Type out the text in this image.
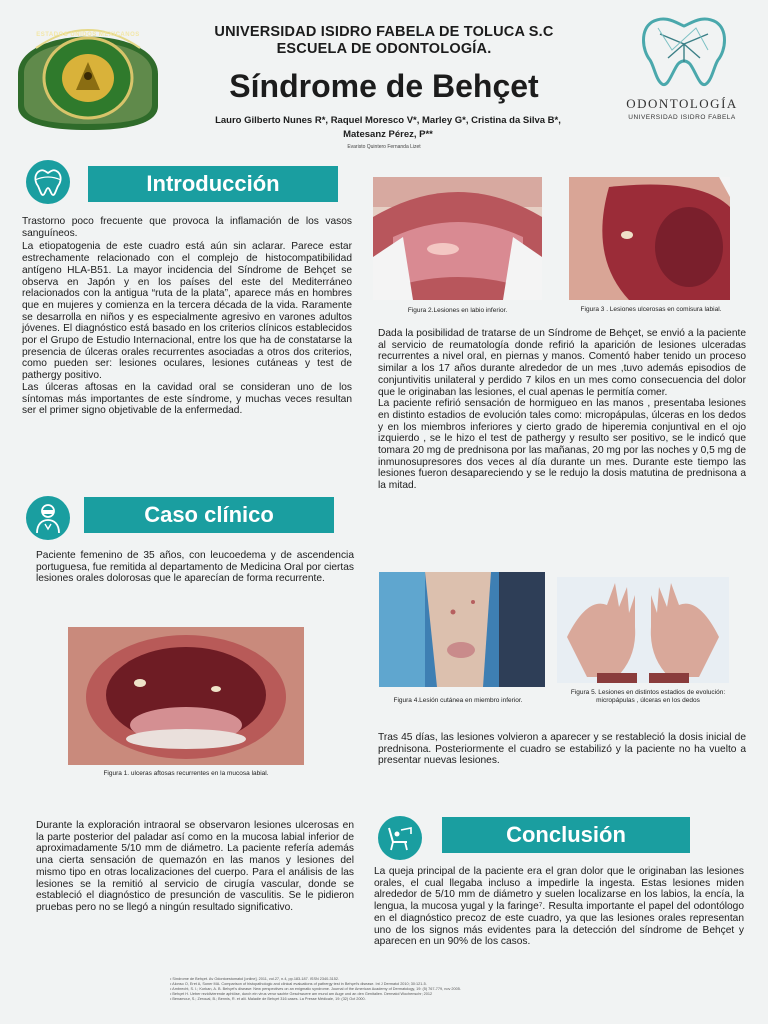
ESTADOS UNIDOS MEXICANOS	UNIVERSIDAD ISIDRO FABELA DE TOLUCA S.C
ESCUELA DE ODONTOLOGÍA.
Síndrome de Behçet
Lauro Gilberto Nunes R*, Raquel Moresco V*, Marley G*, Cristina da Silva B*,
Matesanz Pérez, P**
Evaristo Quintero Fernanda Lizet
ODONTOLOGÍA
UNIVERSIDAD ISIDRO FABELA
Introducción

Trastorno poco frecuente que provoca la inflamación de los vasos sanguíneos.

La etiopatogenia de este cuadro está aún sin aclarar. Parece estar estrechamente relacionado con el complejo de histocompatibilidad antígeno HLA-B51. La mayor incidencia del Síndrome de Behçet se observa en Japón y en los países del este del Mediterráneo relacionados con la antigua “ruta de la plata”, aparece más en hombres que en mujeres y comienza en la tercera década de la vida. Raramente se desarrolla en niños y es especialmente agresivo en varones adultos jóvenes. El diagnóstico está basado en los criterios clínicos establecidos por el Grupo de Estudio Internacional, entre los que ha de constatarse la presencia de úlceras orales recurrentes asociadas a otros dos criterios, como pueden ser: lesiones oculares, lesiones cutáneas y test de pathergy positivo.

Las úlceras aftosas en la cavidad oral se consideran uno de los síntomas más importantes de este síndrome, y muchas veces resultan ser el primer signo objetivable de la enfermedad.

Caso clínico
Paciente femenino de 35 años, con leucoedema y de ascendencia portuguesa, fue remitida al departamento de Medicina Oral por ciertas lesiones orales dolorosas que le aparecían de forma recurrente.
Figura 1. ulceras aftosas recurrentes en la mucosa labial.
Durante la exploración intraoral se observaron lesiones ulcerosas en la parte posterior del paladar así como en la mucosa labial inferior de aproximadamente 5/10 mm de diámetro. La paciente refería además una cierta sensación de quemazón en las manos y lesiones del mismo tipo en otras localizaciones del cuerpo. Para el análisis de las lesiones se la remitió al servicio de cirugía vascular, donde se estableció el diagnóstico de presunción de vasculitis. Se le pidieron pruebas pero no se llegó a ningún resultado significativo.
Figura 2.Lesiones en labio inferior.	Figura 3 . Lesiones ulcerosas en comisura labial.

Dada la posibilidad de tratarse de un Síndrome de Behçet, se envió a la paciente al servicio de reumatología donde refirió la aparición de lesiones ulceradas recurrentes a nivel oral, en piernas y manos. Comentó haber tenido un proceso similar a los 17 años durante alrededor de un mes ,tuvo además episodios de conjuntivitis unilateral y perdido 7 kilos en un mes como consecuencia del dolor que le originaban las lesiones, el cual apenas le permitía comer.

La paciente refirió sensación de hormigueo en las manos , presentaba lesiones en distinto estadios de evolución tales como: micropápulas, úlceras en los dedos y en los miembros inferiores y cierto grado de hiperemia conjuntival en el ojo izquierdo , se le hizo el test de pathergy y resulto ser positivo, se le indicó que tomara 20 mg de prednisona por las mañanas, 20 mg por las noches y 0,5 mg de inmunosupresores dos veces al día durante un mes. Durante este tiempo las lesiones fueron desapareciendo y se le redujo la dosis matutina de prednisona a la mitad.

Figura 4.Lesión cutánea en miembro inferior.
Figura 5. Lesiones en distintos estadios de evolución: micropápulas , úlceras en los dedos
Tras 45 días, las lesiones volvieron a aparecer y se restableció la dosis inicial de prednisona. Posteriormente el cuadro se estabilizó y la paciente no ha vuelto a presentar nuevas lesiones.
Conclusión
La queja principal de la paciente era el gran dolor que le originaban las lesiones orales, el cual llegaba incluso a impedirle la ingesta. Estas lesiones miden alrededor de 5/10 mm de diámetro y suelen localizarse en los labios, la encía, la lengua, la mucosa yugal y la faringe⁷. Resulta importante el papel del odontólogo en el diagnóstico precoz de este cuadro, ya que las lesiones orales representan uno de los signos más evidentes para la detección del síndrome de Behçet y aparecen en un 90% de los casos.
• Síndrome de Behçet. Av Odontoestomatol [online]. 2011, vol.27, n.4, pp.183-187. ISSN 2340-3152.
• Alonso O, Eret A, Soner MA. Comparison of histopathologic and clinical evaluations of pathergy test in Behçet's disease. Int J Dermatol 2010; 30:121-5.
• Ambrecht, S. I.; Korkan, A. B. Behçet's disease: New perspectives on an enigmatic syndrome. Journal of the American Academy of Dermatology, 19: (5) 767-779, nov 2005.
• Behçet H. Ueber rezidivierende aphtöse, durch ein virus verur sachte Geschwuere am mund am Auge und an den Genitalien. Dermatol Wochenschr; 2012
• Benamour, S.; Zeroual, B.; Bennis, R. et alii. Maladie de Behçet 316 cases. La Presse Médicale, 19: (32) Oct 2000.
